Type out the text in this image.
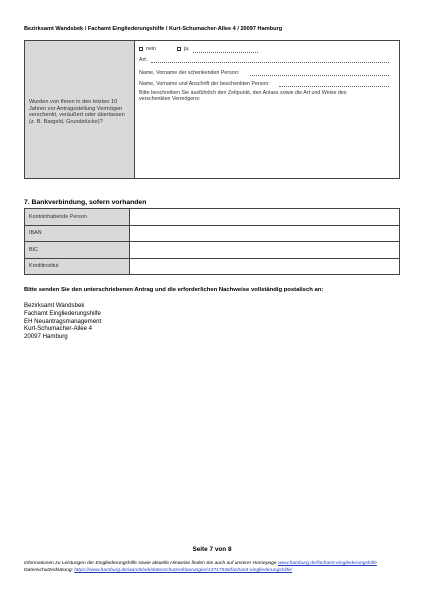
Bezirksamt Wandsbek / Fachamt Eingliederungshilfe / Kurt-Schumacher-Allee 4 / 20097 Hamburg
Wurden von Ihnen in den letzten 10 Jahren vor Antragsstellung Vermögen verschenkt, veräußert oder überlassen (z. B. Bargeld, Grundstücke)?
nein	ja,
Art:
Name, Vorname der schenkenden Person:
Name, Vorname und Anschrift der beschenkten Person:
Bitte beschreiben Sie ausführlich den Zeitpunkt, den Anlass sowie die Art und Weise des verschenkten Vermögens:
7. Bankverbindung, sofern vorhanden
Kontoinhabende Person	
IBAN	
BIC	
Kreditinstitut	
Bitte senden Sie den unterschriebenen Antrag und die erforderlichen Nachweise vollständig postalisch an:
Bezirksamt Wandsbek
Fachamt Eingliederungshilfe
EH Neuantragsmanagement
Kurt-Schumacher-Allee 4
20097 Hamburg
Seite 7 von 8
Informationen zu Leistungen der Eingliederungshilfe sowie aktuelle Hinweise finden Sie auch auf unserer Homepage www.hamburg.de/fachamt-eingliederungshilfe
Datenschutzerklärung: https://www.hamburg.de/wandsbek/datenschutzerklaerungen/13717536/fachamt-eingliederungshilfe/
